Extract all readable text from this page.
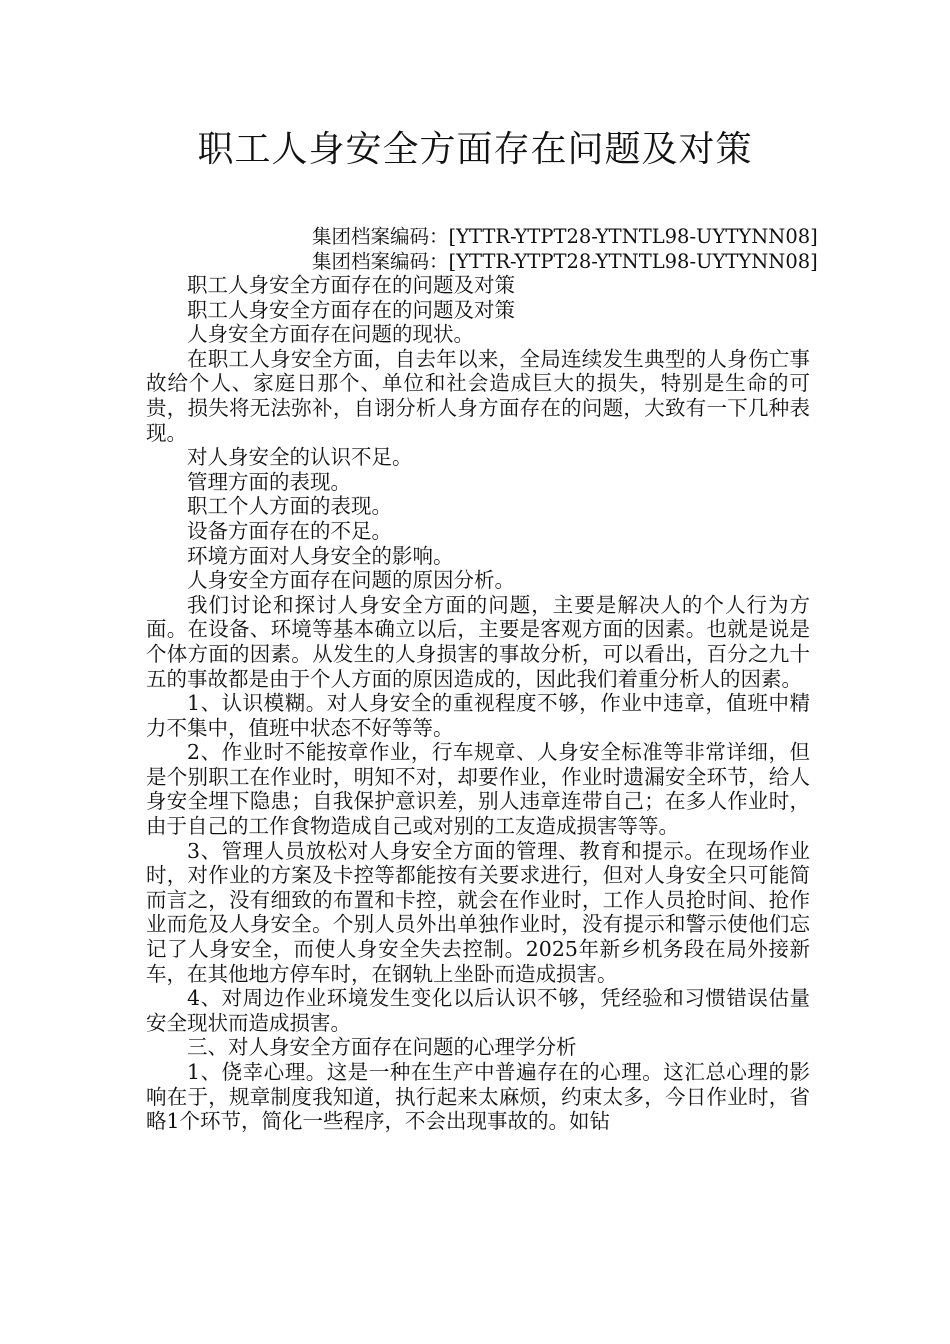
职工人身安全方面存在问题及对策
集团档案编码：[YTTR-YTPT28-YTNTL98-UYTYNN08]
集团档案编码：[YTTR-YTPT28-YTNTL98-UYTYNN08]

职工人身安全方面存在的问题及对策

职工人身安全方面存在的问题及对策

人身安全方面存在问题的现状。

在职工人身安全方面，自去年以来，全局连续发生典型的人身伤亡事故给个人、家庭日那个、单位和社会造成巨大的损失，特别是生命的可贵，损失将无法弥补，自诩分析人身方面存在的问题，大致有一下几种表现。

对人身安全的认识不足。

管理方面的表现。

职工个人方面的表现。

设备方面存在的不足。

环境方面对人身安全的影响。

人身安全方面存在问题的原因分析。

我们讨论和探讨人身安全方面的问题，主要是解决人的个人行为方面。在设备、环境等基本确立以后，主要是客观方面的因素。也就是说是个体方面的因素。从发生的人身损害的事故分析，可以看出，百分之九十五的事故都是由于个人方面的原因造成的，因此我们着重分析人的因素。

1、认识模糊。对人身安全的重视程度不够，作业中违章，值班中精力不集中，值班中状态不好等等。

2、作业时不能按章作业，行车规章、人身安全标准等非常详细，但是个别职工在作业时，明知不对，却要作业，作业时遗漏安全环节，给人身安全埋下隐患；自我保护意识差，别人违章连带自己；在多人作业时，由于自己的工作食物造成自己或对别的工友造成损害等等。

3、管理人员放松对人身安全方面的管理、教育和提示。在现场作业时，对作业的方案及卡控等都能按有关要求进行，但对人身安全只可能简而言之，没有细致的布置和卡控，就会在作业时，工作人员抢时间、抢作业而危及人身安全。个别人员外出单独作业时，没有提示和警示使他们忘记了人身安全，而使人身安全失去控制。2025年新乡机务段在局外接新车，在其他地方停车时，在钢轨上坐卧而造成损害。

4、对周边作业环境发生变化以后认识不够，凭经验和习惯错误估量安全现状而造成损害。

三、对人身安全方面存在问题的心理学分析

1、侥幸心理。这是一种在生产中普遍存在的心理。这汇总心理的影响在于，规章制度我知道，执行起来太麻烦，约束太多，今日作业时，省略1个环节，简化一些程序，不会出现事故的。如钻
